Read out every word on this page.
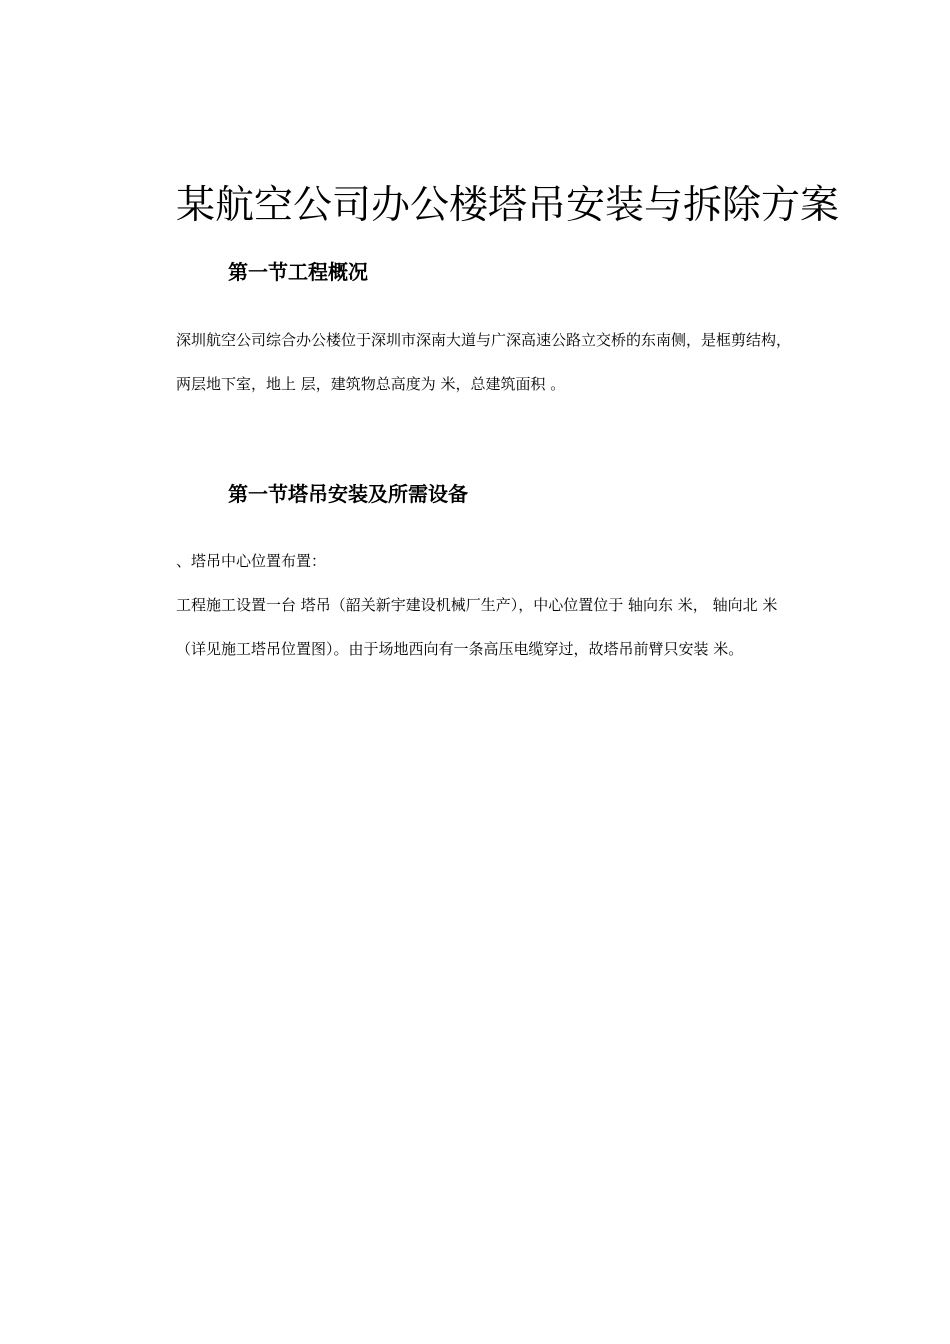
某航空公司办公楼塔吊安装与拆除方案
第一节工程概况

深圳航空公司综合办公楼位于深圳市深南大道与广深高速公路立交桥的东南侧，是框剪结构，

两层地下室，地上 层，建筑物总高度为 米，总建筑面积 。

第一节塔吊安装及所需设备

、塔吊中心位置布置：

工程施工设置一台 塔吊（韶关新宇建设机械厂生产），中心位置位于 轴向东 米， 轴向北 米

（详见施工塔吊位置图）。由于场地西向有一条高压电缆穿过，故塔吊前臂只安装 米。
